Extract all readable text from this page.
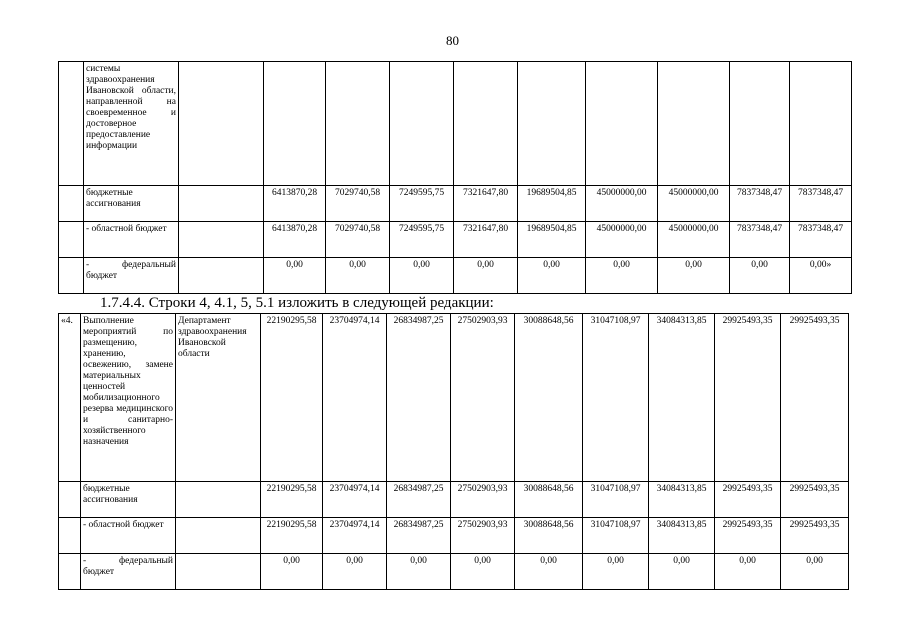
80
	системы здравоохранения Ивановской области, направленной на своевременное и достоверное предоставление информации										
	бюджетные ассигнования		6413870,28	7029740,58	7249595,75	7321647,80	19689504,85	45000000,00	45000000,00	7837348,47	7837348,47
	- областной бюджет		6413870,28	7029740,58	7249595,75	7321647,80	19689504,85	45000000,00	45000000,00	7837348,47	7837348,47
	- федеральный бюджет		0,00	0,00	0,00	0,00	0,00	0,00	0,00	0,00	0,00»
1.7.4.4. Строки 4, 4.1, 5, 5.1 изложить в следующей редакции:
«4.	Выполнение мероприятий по размещению, хранению, освежению, замене материальных ценностей мобилизационного резерва медицинского и санитарно-хозяйственного назначения	Департамент здравоохранения Ивановской области	22190295,58	23704974,14	26834987,25	27502903,93	30088648,56	31047108,97	34084313,85	29925493,35	29925493,35
	бюджетные ассигнования		22190295,58	23704974,14	26834987,25	27502903,93	30088648,56	31047108,97	34084313,85	29925493,35	29925493,35
	- областной бюджет		22190295,58	23704974,14	26834987,25	27502903,93	30088648,56	31047108,97	34084313,85	29925493,35	29925493,35
	- федеральный бюджет		0,00	0,00	0,00	0,00	0,00	0,00	0,00	0,00	0,00
